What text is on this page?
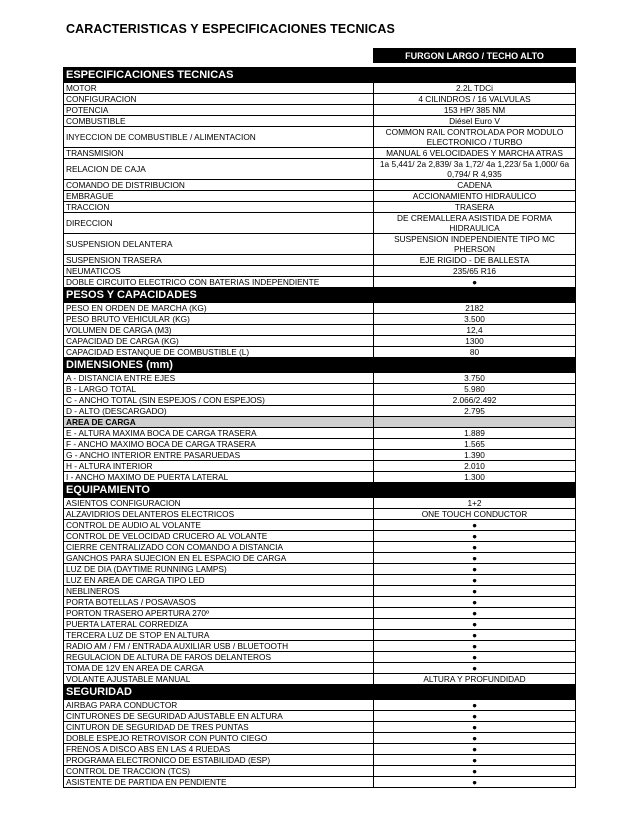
CARACTERISTICAS Y ESPECIFICACIONES TECNICAS
	FURGON LARGO / TECHO ALTO

ESPECIFICACIONES TECNICAS	
MOTOR	2.2L TDCi
CONFIGURACION	4 CILINDROS / 16 VALVULAS
POTENCIA	153 HP/ 385 NM
COMBUSTIBLE	Diésel Euro V
INYECCION DE COMBUSTIBLE / ALIMENTACION	COMMON RAIL CONTROLADA POR MODULO ELECTRONICO / TURBO
TRANSMISION	MANUAL 6 VELOCIDADES Y MARCHA ATRAS
RELACION DE CAJA	1a 5,441/ 2a 2,839/ 3a 1,72/ 4a 1,223/ 5a 1,000/ 6a 0,794/ R 4,935
COMANDO DE DISTRIBUCION	CADENA
EMBRAGUE	ACCIONAMIENTO HIDRAULICO
TRACCION	TRASERA
DIRECCION	DE CREMALLERA ASISTIDA DE FORMA HIDRAULICA
SUSPENSION DELANTERA	SUSPENSION INDEPENDIENTE TIPO MC PHERSON
SUSPENSION TRASERA	EJE RIGIDO - DE BALLESTA
NEUMATICOS	235/65 R16
DOBLE CIRCUITO ELECTRICO CON BATERIAS INDEPENDIENTE	●
PESOS Y CAPACIDADES	
PESO EN ORDEN DE MARCHA (KG)	2182
PESO BRUTO VEHICULAR (KG)	3.500
VOLUMEN DE CARGA (M3)	12,4
CAPACIDAD DE CARGA (KG)	1300
CAPACIDAD ESTANQUE DE COMBUSTIBLE (L)	80
DIMENSIONES (mm)	
A - DISTANCIA ENTRE EJES	3.750
B - LARGO TOTAL	5.980
C - ANCHO TOTAL (SIN ESPEJOS / CON ESPEJOS)	2.066/2.492
D - ALTO (DESCARGADO)	2.795
AREA DE CARGA	
E - ALTURA MAXIMA BOCA DE CARGA TRASERA	1.889
F - ANCHO MAXIMO BOCA DE CARGA TRASERA	1.565
G - ANCHO INTERIOR ENTRE PASARUEDAS	1.390
H - ALTURA INTERIOR	2.010
I - ANCHO MAXIMO DE PUERTA LATERAL	1.300
EQUIPAMIENTO	
ASIENTOS CONFIGURACION	1+2
ALZAVIDRIOS DELANTEROS ELECTRICOS	ONE TOUCH CONDUCTOR
CONTROL DE AUDIO AL VOLANTE	●
CONTROL DE VELOCIDAD CRUCERO AL VOLANTE	●
CIERRE CENTRALIZADO CON COMANDO A DISTANCIA	●
GANCHOS PARA SUJECION EN EL ESPACIO DE CARGA	●
LUZ DE DIA (DAYTIME RUNNING LAMPS)	●
LUZ EN AREA DE CARGA TIPO LED	●
NEBLINEROS	●
PORTA BOTELLAS / POSAVASOS	●
PORTON TRASERO APERTURA 270º	●
PUERTA LATERAL CORREDIZA	●
TERCERA LUZ DE STOP EN ALTURA	●
RADIO AM / FM / ENTRADA AUXILIAR USB / BLUETOOTH	●
REGULACION DE ALTURA DE FAROS DELANTEROS	●
TOMA DE 12V EN AREA DE CARGA	●
VOLANTE AJUSTABLE MANUAL	ALTURA Y PROFUNDIDAD
SEGURIDAD	
AIRBAG PARA CONDUCTOR	●
CINTURONES DE SEGURIDAD AJUSTABLE EN ALTURA	●
CINTURON DE SEGURIDAD DE TRES PUNTAS	●
DOBLE ESPEJO RETROVISOR CON PUNTO CIEGO	●
FRENOS A DISCO ABS EN LAS 4 RUEDAS	●
PROGRAMA ELECTRONICO DE ESTABILIDAD (ESP)	●
CONTROL DE TRACCION (TCS)	●
ASISTENTE DE PARTIDA EN PENDIENTE	●
